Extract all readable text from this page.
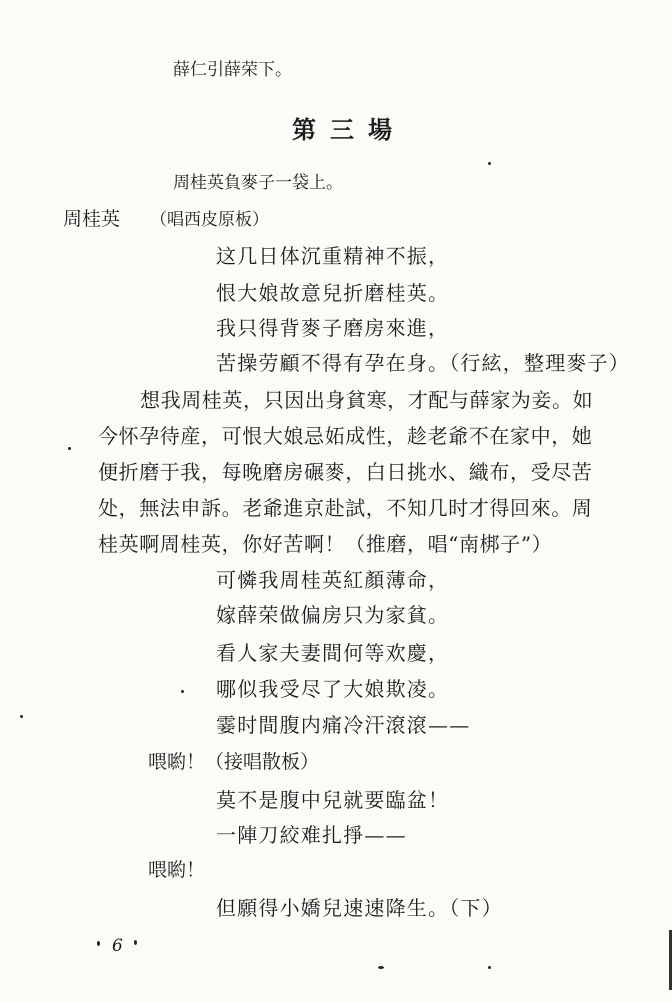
薛仁引薛荣下。
第三場
周桂英負麥子一袋上。
周桂英 （唱西皮原板）
这几日体沉重精神不振，
恨大娘故意兒折磨桂英。
我只得背麥子磨房來進，
苦操劳顧不得有孕在身。（行絃，整理麥子）
想我周桂英，只因出身貧寒，才配与薛家为妾。如
今怀孕待産，可恨大娘忌妬成性，趁老爺不在家中，她
便折磨于我，每晚磨房碾麥，白日挑水、織布，受尽苦
处，無法申訴。老爺進京赴試，不知几时才得回來。周
桂英啊周桂英，你好苦啊！（推磨，唱“南梆子”）
可憐我周桂英紅顏薄命，
嫁薛荣做偏房只为家貧。
看人家夫妻間何等欢慶，
哪似我受尽了大娘欺凌。
霎时間腹内痛冷汗滾滾——
喂喲！（接唱散板）
莫不是腹中兒就要臨盆！
一陣刀絞难扎掙——
喂喲！
但願得小嬌兒速速降生。（下）
6
